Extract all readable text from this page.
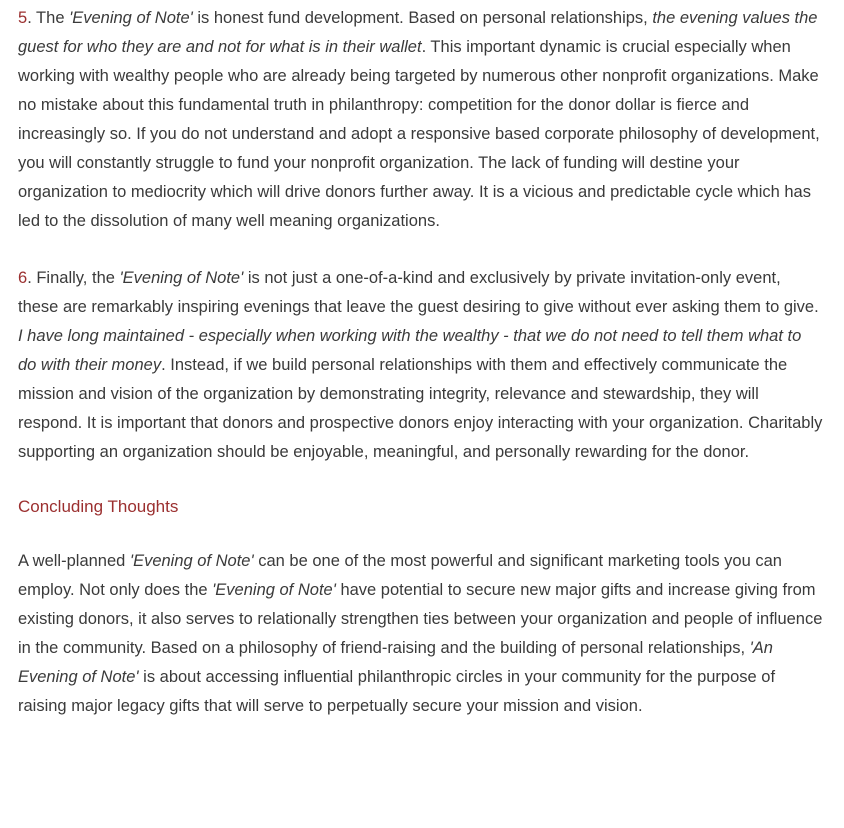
5. The 'Evening of Note' is honest fund development. Based on personal relationships, the evening values the guest for who they are and not for what is in their wallet. This important dynamic is crucial especially when working with wealthy people who are already being targeted by numerous other nonprofit organizations. Make no mistake about this fundamental truth in philanthropy: competition for the donor dollar is fierce and increasingly so. If you do not understand and adopt a responsive based corporate philosophy of development, you will constantly struggle to fund your nonprofit organization. The lack of funding will destine your organization to mediocrity which will drive donors further away. It is a vicious and predictable cycle which has led to the dissolution of many well meaning organizations.

6. Finally, the 'Evening of Note' is not just a one-of-a-kind and exclusively by private invitation-only event, these are remarkably inspiring evenings that leave the guest desiring to give without ever asking them to give. I have long maintained - especially when working with the wealthy - that we do not need to tell them what to do with their money. Instead, if we build personal relationships with them and effectively communicate the mission and vision of the organization by demonstrating integrity, relevance and stewardship, they will respond. It is important that donors and prospective donors enjoy interacting with your organization. Charitably supporting an organization should be enjoyable, meaningful, and personally rewarding for the donor.

Concluding Thoughts

A well-planned 'Evening of Note' can be one of the most powerful and significant marketing tools you can employ. Not only does the 'Evening of Note' have potential to secure new major gifts and increase giving from existing donors, it also serves to relationally strengthen ties between your organization and people of influence in the community. Based on a philosophy of friend-raising and the building of personal relationships, 'An Evening of Note' is about accessing influential philanthropic circles in your community for the purpose of raising major legacy gifts that will serve to perpetually secure your mission and vision.
